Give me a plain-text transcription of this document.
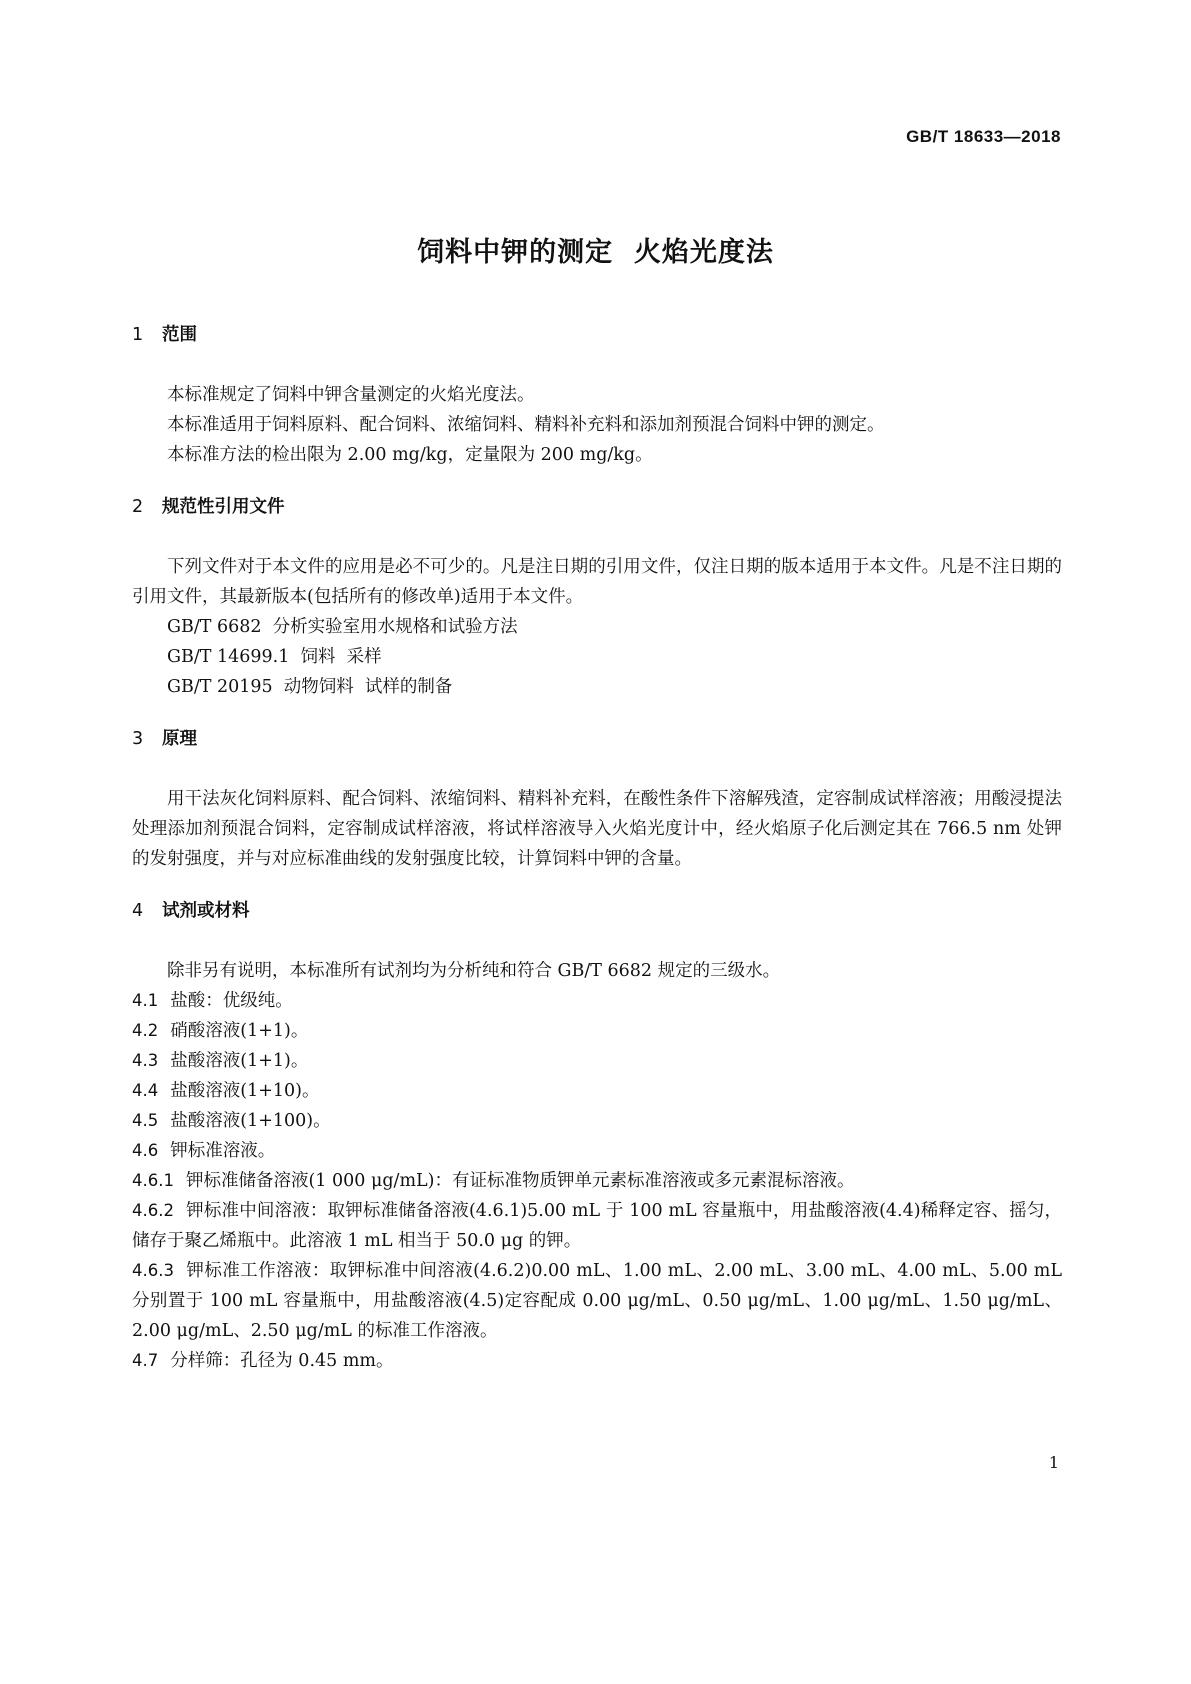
GB/T 18633—2018
饲料中钾的测定  火焰光度法
1 范围
本标准规定了饲料中钾含量测定的火焰光度法。
本标准适用于饲料原料、配合饲料、浓缩饲料、精料补充料和添加剂预混合饲料中钾的测定。
本标准方法的检出限为 2.00 mg/kg，定量限为 200 mg/kg。
2 规范性引用文件
下列文件对于本文件的应用是必不可少的。凡是注日期的引用文件，仅注日期的版本适用于本文件。凡是不注日期的引用文件，其最新版本(包括所有的修改单)适用于本文件。
GB/T 6682  分析实验室用水规格和试验方法
GB/T 14699.1  饲料  采样
GB/T 20195  动物饲料  试样的制备
3 原理
用干法灰化饲料原料、配合饲料、浓缩饲料、精料补充料，在酸性条件下溶解残渣，定容制成试样溶液；用酸浸提法处理添加剂预混合饲料，定容制成试样溶液，将试样溶液导入火焰光度计中，经火焰原子化后测定其在 766.5 nm 处钾的发射强度，并与对应标准曲线的发射强度比较，计算饲料中钾的含量。
4 试剂或材料
除非另有说明，本标准所有试剂均为分析纯和符合 GB/T 6682 规定的三级水。
4.1 盐酸：优级纯。
4.2 硝酸溶液(1+1)。
4.3 盐酸溶液(1+1)。
4.4 盐酸溶液(1+10)。
4.5 盐酸溶液(1+100)。
4.6 钾标准溶液。
4.6.1 钾标准储备溶液(1 000 μg/mL)：有证标准物质钾单元素标准溶液或多元素混标溶液。
4.6.2 钾标准中间溶液：取钾标准储备溶液(4.6.1)5.00 mL 于 100 mL 容量瓶中，用盐酸溶液(4.4)稀释定容、摇匀，储存于聚乙烯瓶中。此溶液 1 mL 相当于 50.0 μg 的钾。
4.6.3 钾标准工作溶液：取钾标准中间溶液(4.6.2)0.00 mL、1.00 mL、2.00 mL、3.00 mL、4.00 mL、5.00 mL分别置于 100 mL 容量瓶中，用盐酸溶液(4.5)定容配成 0.00 μg/mL、0.50 μg/mL、1.00 μg/mL、1.50 μg/mL、2.00 μg/mL、2.50 μg/mL 的标准工作溶液。
4.7 分样筛：孔径为 0.45 mm。
1
